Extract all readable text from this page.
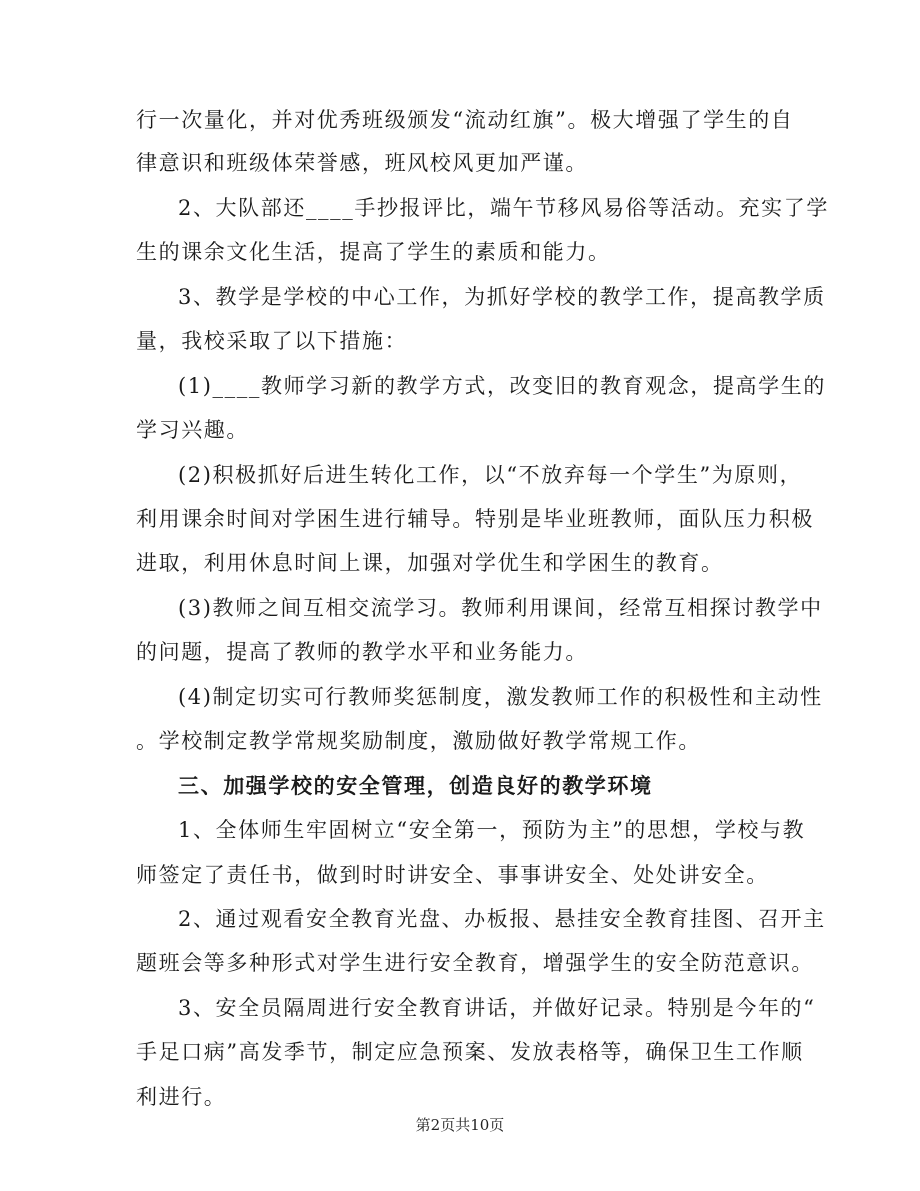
行一次量化，并对优秀班级颁发“流动红旗”。极大增强了学生的自
律意识和班级体荣誉感，班风校风更加严谨。
2、大队部还____手抄报评比，端午节移风易俗等活动。充实了学
生的课余文化生活，提高了学生的素质和能力。
3、教学是学校的中心工作，为抓好学校的教学工作，提高教学质
量，我校采取了以下措施：
(1)____教师学习新的教学方式，改变旧的教育观念，提高学生的
学习兴趣。
(2)积极抓好后进生转化工作，以“不放弃每一个学生”为原则，
利用课余时间对学困生进行辅导。特别是毕业班教师，面队压力积极
进取，利用休息时间上课，加强对学优生和学困生的教育。
(3)教师之间互相交流学习。教师利用课间，经常互相探讨教学中
的问题，提高了教师的教学水平和业务能力。
(4)制定切实可行教师奖惩制度，激发教师工作的积极性和主动性
。学校制定教学常规奖励制度，激励做好教学常规工作。
三、加强学校的安全管理，创造良好的教学环境
1、全体师生牢固树立“安全第一，预防为主”的思想，学校与教
师签定了责任书，做到时时讲安全、事事讲安全、处处讲安全。
2、通过观看安全教育光盘、办板报、悬挂安全教育挂图、召开主
题班会等多种形式对学生进行安全教育，增强学生的安全防范意识。
3、安全员隔周进行安全教育讲话，并做好记录。特别是今年的“
手足口病”高发季节，制定应急预案、发放表格等，确保卫生工作顺
利进行。
第2页共10页
